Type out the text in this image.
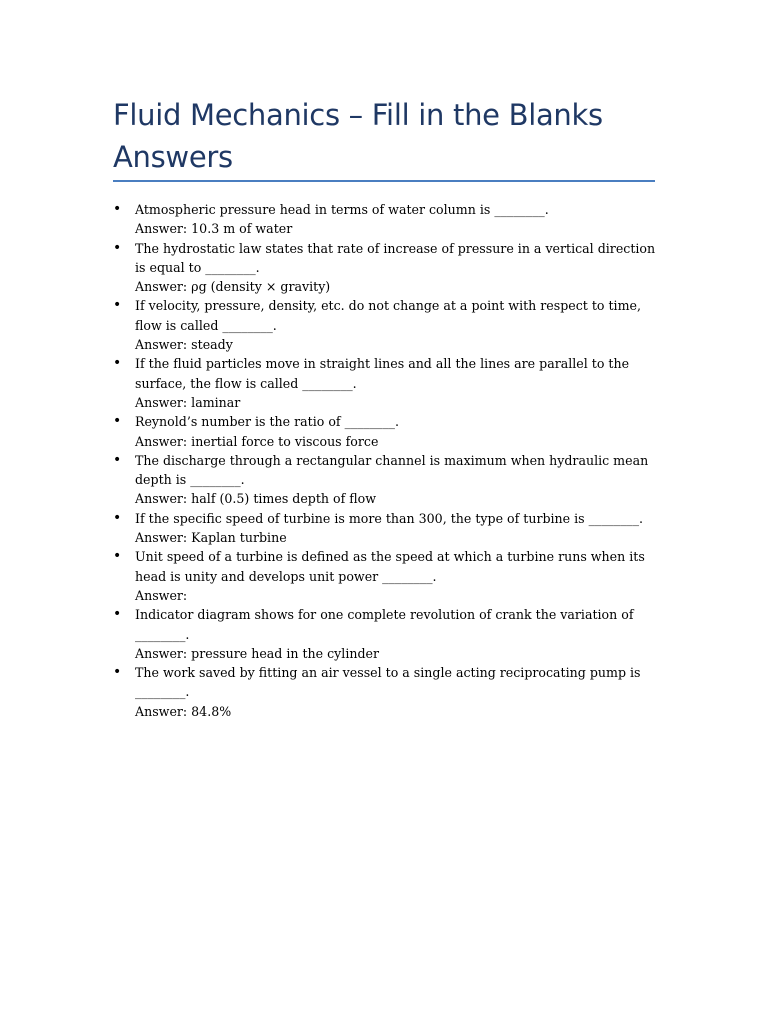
Fluid Mechanics – Fill in the Blanks Answers
• Atmospheric pressure head in terms of water column is ________.
Answer: 10.3 m of water
• The hydrostatic law states that rate of increase of pressure in a vertical direction is equal to ________.
Answer: ρg (density × gravity)
• If velocity, pressure, density, etc. do not change at a point with respect to time, flow is called ________.
Answer: steady
• If the fluid particles move in straight lines and all the lines are parallel to the surface, the flow is called ________.
Answer: laminar
• Reynold’s number is the ratio of ________.
Answer: inertial force to viscous force
• The discharge through a rectangular channel is maximum when hydraulic mean depth is ________.
Answer: half (0.5) times depth of flow
• If the specific speed of turbine is more than 300, the type of turbine is ________.
Answer: Kaplan turbine
• Unit speed of a turbine is defined as the speed at which a turbine runs when its head is unity and develops unit power ________.
Answer:
• Indicator diagram shows for one complete revolution of crank the variation of ________.
Answer: pressure head in the cylinder
• The work saved by fitting an air vessel to a single acting reciprocating pump is ________.
Answer: 84.8%
